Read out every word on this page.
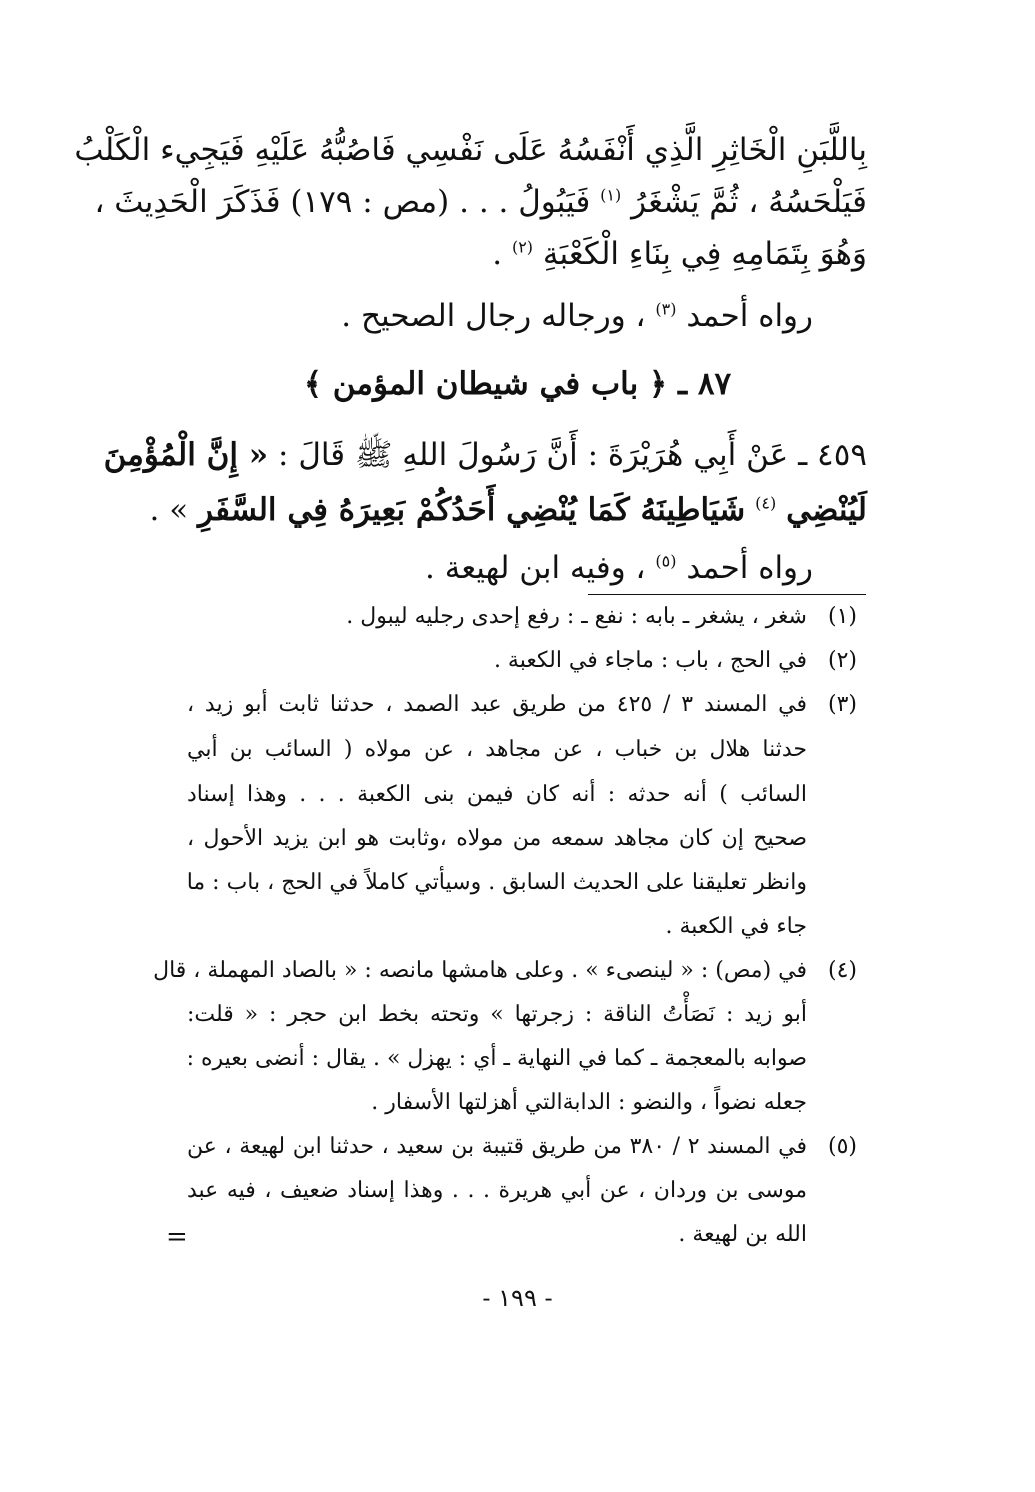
بِاللَّبَنِ الْخَاثِرِ الَّذِي أَنْفَسُهُ عَلَى نَفْسِي فَاصُبُّهُ عَلَيْهِ فَيَجِيء الْكَلْبُ
فَيَلْحَسُهُ ، ثُمَّ يَشْغَرُ $^{(١)}$ فَيَبُولُ . . . (مص : ١٧٩) فَذَكَرَ الْحَدِيثَ ،
وَهُوَ بِتَمَامِهِ فِي بِنَاءِ الْكَعْبَةِ $^{(٢)}$ .
رواه أحمد $^{(٣)}$ ، ورجاله رجال الصحيح .
٨٧ ـ ﴿ باب في شيطان المؤمن ﴾
٤٥٩ ـ عَنْ أَبِي هُرَيْرَةَ : أَنَّ رَسُولَ اللهِ ﷺ قَالَ : « إِنَّ الْمُؤْمِنَ
لَيُنْضِي $^{(٤)}$ شَيَاطِينَهُ كَمَا يُنْضِي أَحَدُكُمْ بَعِيرَهُ فِي السَّفَرِ » .
رواه أحمد $^{(٥)}$ ، وفيه ابن لهيعة .
(١)
شغر ، يشغر ـ بابه : نفع ـ : رفع إحدى رجليه ليبول .
(٢)
في الحج ، باب : ماجاء في الكعبة .
(٣)
في المسند ٣ / ٤٢٥ من طريق عبد الصمد ، حدثنا ثابت أبو زيد ،
حدثنا هلال بن خباب ، عن مجاهد ، عن مولاه ( السائب بن أبي
السائب ) أنه حدثه : أنه كان فيمن بنى الكعبة . . . وهذا إسناد
صحيح إن كان مجاهد سمعه من مولاه ،وثابت هو ابن يزيد الأحول ،
وانظر تعليقنا على الحديث السابق . وسيأتي كاملاً في الحج ، باب : ما
جاء في الكعبة .
(٤)
في (مص) : « لينصىء » . وعلى هامشها مانصه : « بالصاد المهملة ، قال
أبو زيد : نَصَأْتُ الناقة : زجرتها » وتحته بخط ابن حجر : « قلت:
صوابه بالمعجمة ـ كما في النهاية ـ أي : يهزل » . يقال : أنضى بعيره :
جعله نضواً ، والنضو : الدابةالتي أهزلتها الأسفار .
(٥)
في المسند ٢ / ٣٨٠ من طريق قتيبة بن سعيد ، حدثنا ابن لهيعة ، عن
موسى بن وردان ، عن أبي هريرة . . . وهذا إسناد ضعيف ، فيه عبد
الله بن لهيعة .
=
- ١٩٩ -
